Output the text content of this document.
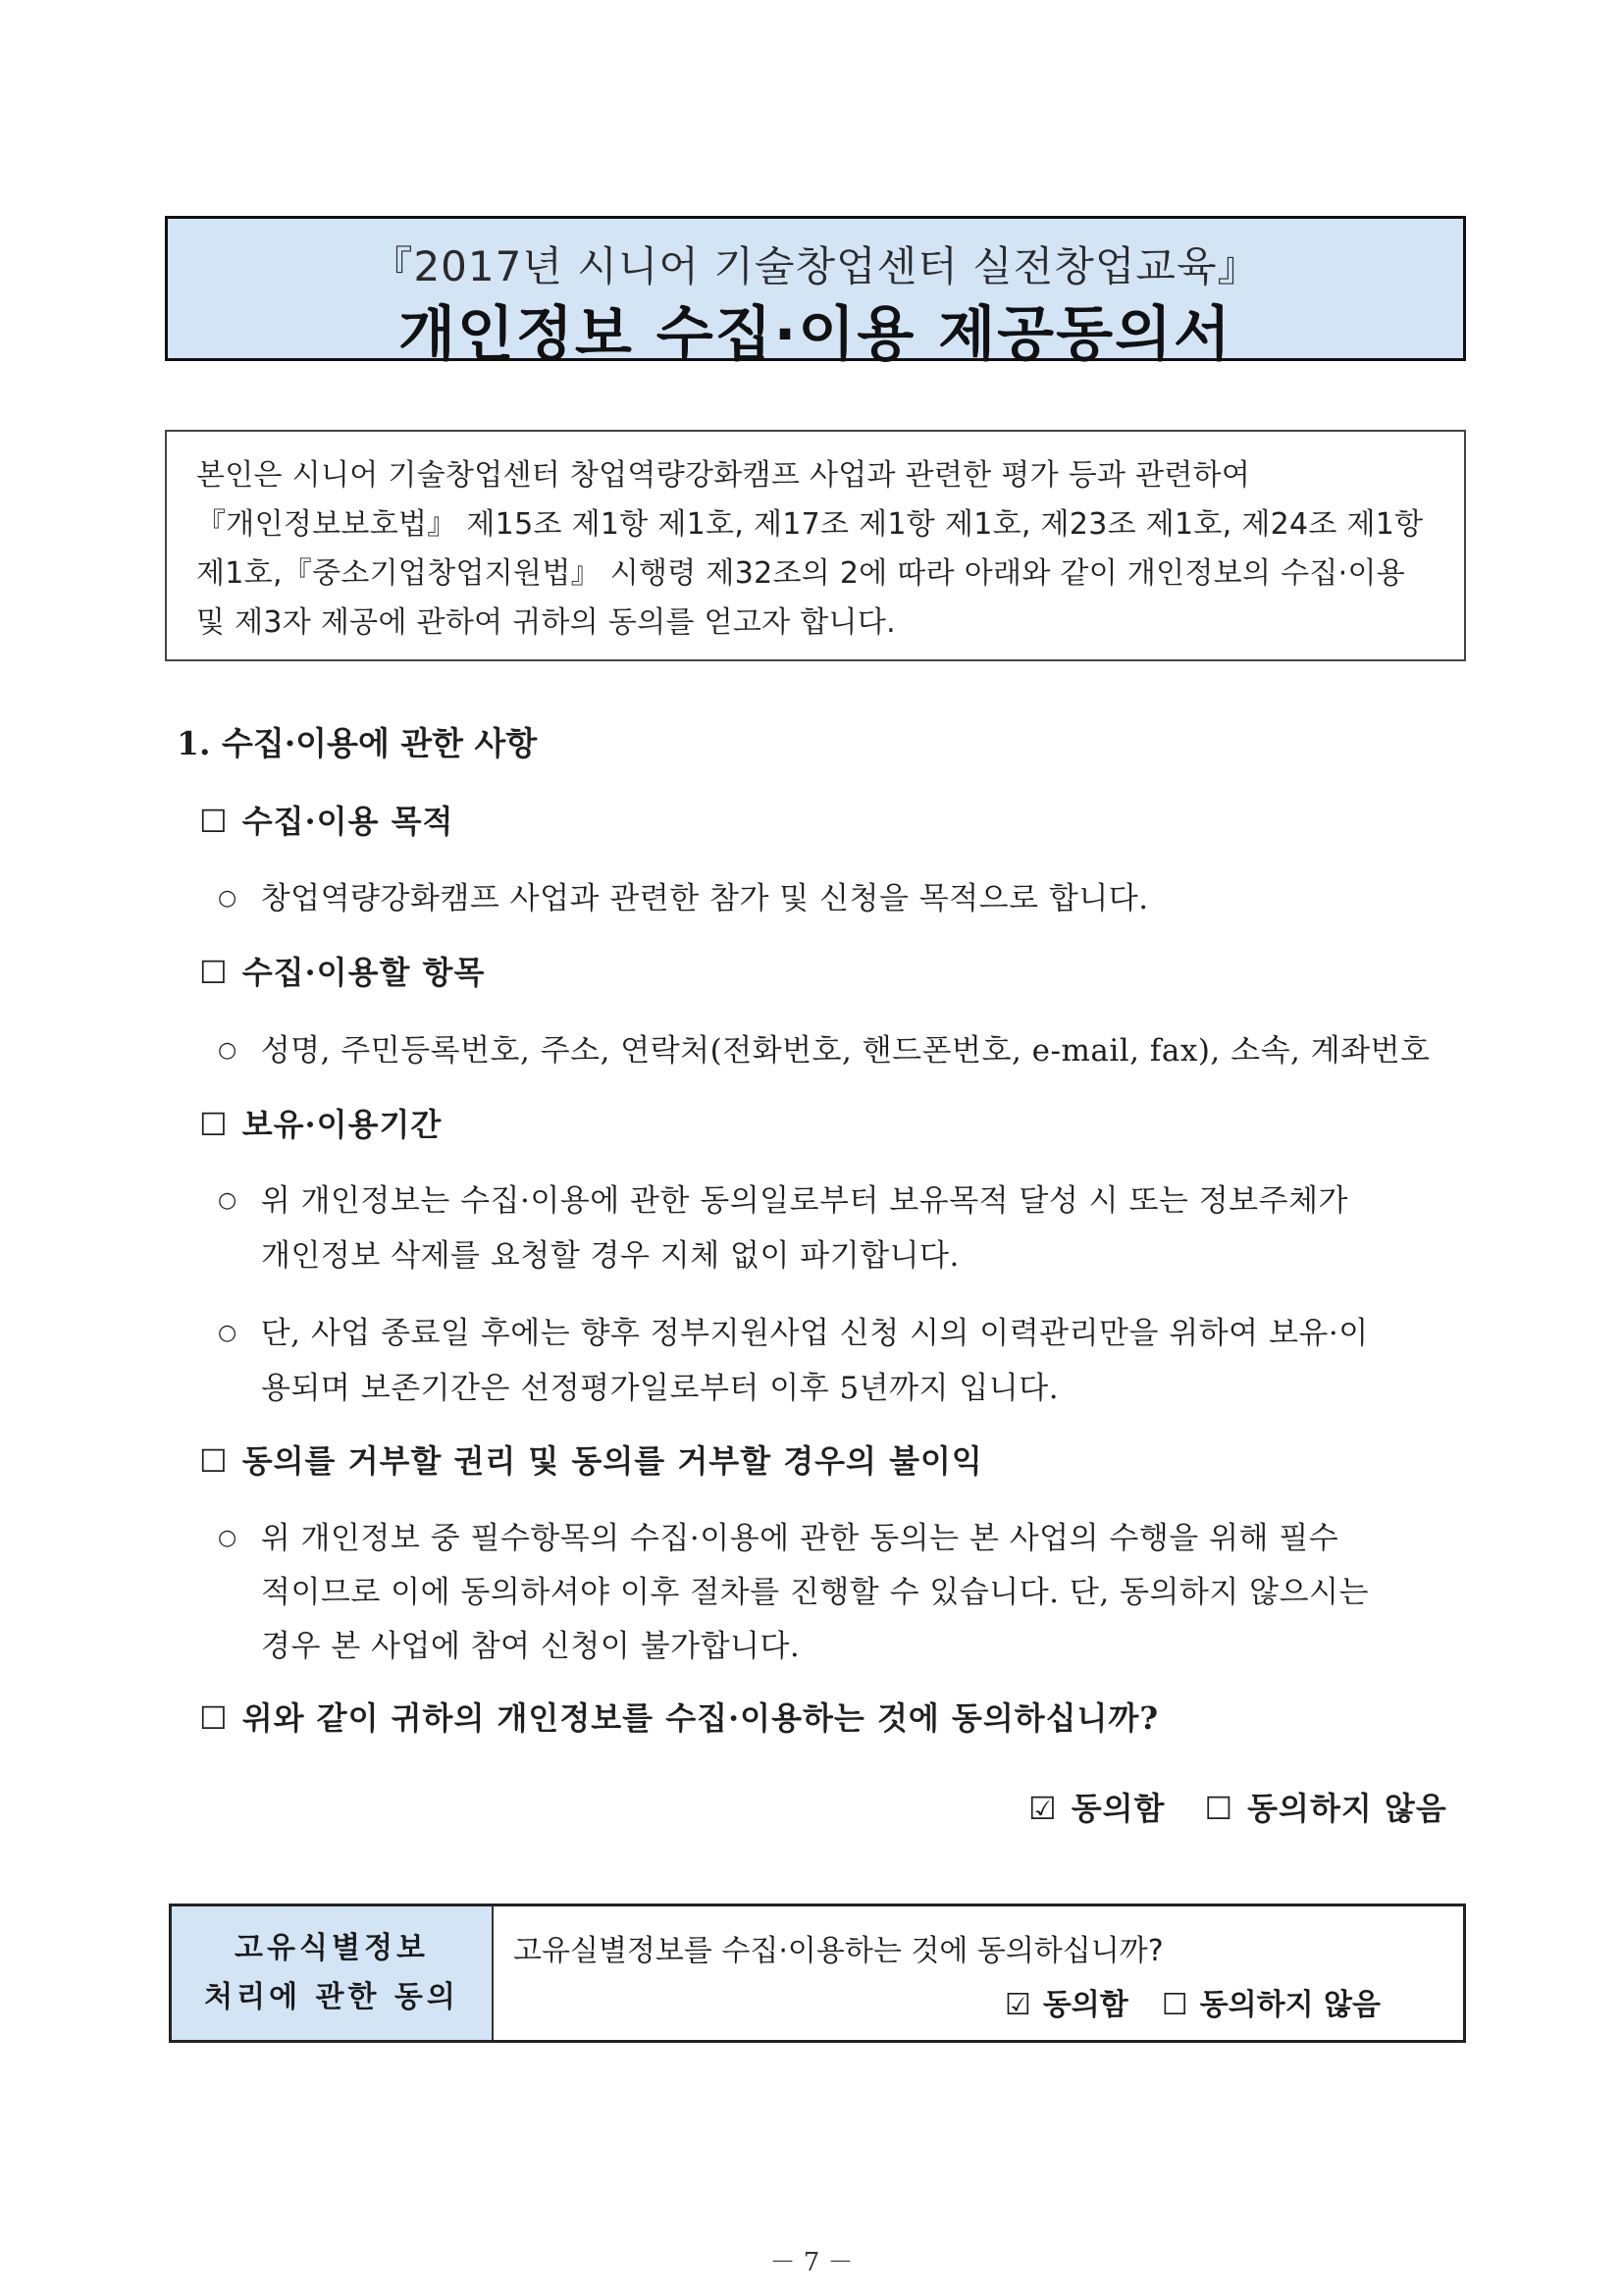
『2017년 시니어 기술창업센터 실전창업교육』
개인정보 수집·이용 제공동의서
본인은 시니어 기술창업센터 창업역량강화캠프 사업과 관련한 평가 등과 관련하여
『개인정보보호법』 제15조 제1항 제1호, 제17조 제1항 제1호, 제23조 제1호, 제24조 제1항
제1호,『중소기업창업지원법』 시행령 제32조의 2에 따라 아래와 같이 개인정보의 수집·이용
및 제3자 제공에 관하여 귀하의 동의를 얻고자 합니다.
1. 수집·이용에 관한 사항
☐ 수집·이용 목적
○ 창업역량강화캠프 사업과 관련한 참가 및 신청을 목적으로 합니다.
☐ 수집·이용할 항목
○ 성명, 주민등록번호, 주소, 연락처(전화번호, 핸드폰번호, e-mail, fax), 소속, 계좌번호
☐ 보유·이용기간
○ 위 개인정보는 수집·이용에 관한 동의일로부터 보유목적 달성 시 또는 정보주체가
개인정보 삭제를 요청할 경우 지체 없이 파기합니다.
○ 단, 사업 종료일 후에는 향후 정부지원사업 신청 시의 이력관리만을 위하여 보유·이
용되며 보존기간은 선정평가일로부터 이후 5년까지 입니다.
☐ 동의를 거부할 권리 및 동의를 거부할 경우의 불이익
○ 위 개인정보 중 필수항목의 수집·이용에 관한 동의는 본 사업의 수행을 위해 필수
적이므로 이에 동의하셔야 이후 절차를 진행할 수 있습니다. 단, 동의하지 않으시는
경우 본 사업에 참여 신청이 불가합니다.
☐ 위와 같이 귀하의 개인정보를 수집·이용하는 것에 동의하십니까?
☑ 동의함 ☐ 동의하지 않음
고유식별정보
처리에 관한 동의
고유실별정보를 수집·이용하는 것에 동의하십니까?
☑ 동의함 ☐ 동의하지 않음
－ 7 －
